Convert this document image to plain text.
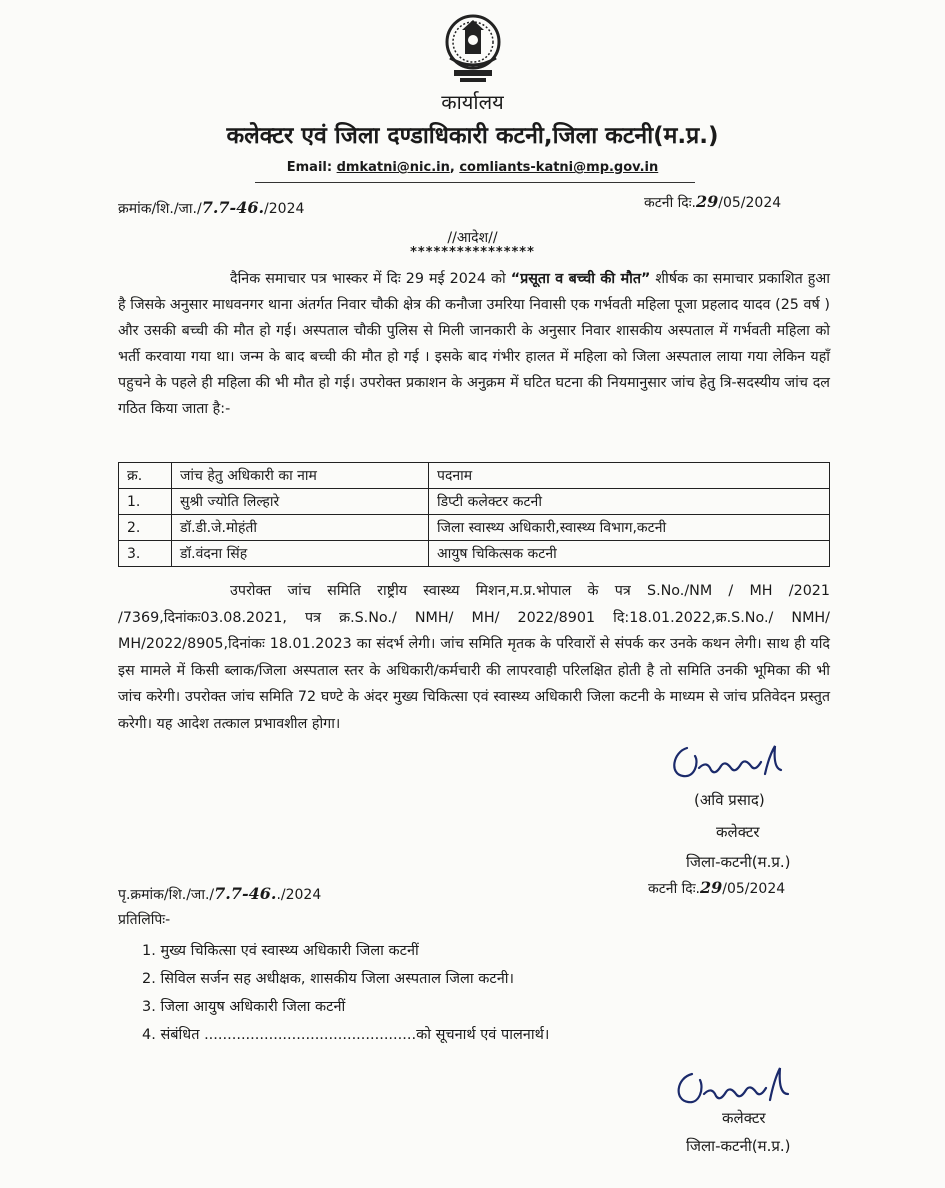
कार्यालय
कलेक्टर एवं जिला दण्डाधिकारी कटनी,जिला कटनी(म.प्र.)
Email: dmkatni@nic.in, comliants-katni@mp.gov.in
क्रमांक/शि./जा./7.7-46./2024	कटनी दिः.29/05/2024
//आदेश//
****************
दैनिक समाचार पत्र भास्कर में दिः 29 मई 2024 को “प्रसूता व बच्ची की मौत” शीर्षक का समाचार प्रकाशित हुआ है जिसके अनुसार माधवनगर थाना अंतर्गत निवार चौकी क्षेत्र की कनौजा उमरिया निवासी एक गर्भवती महिला पूजा प्रहलाद यादव (25 वर्ष ) और उसकी बच्ची की मौत हो गई। अस्पताल चौकी पुलिस से मिली जानकारी के अनुसार निवार शासकीय अस्पताल में गर्भवती महिला को भर्ती करवाया गया था। जन्म के बाद बच्ची की मौत हो गई । इसके बाद गंभीर हालत में महिला को जिला अस्पताल लाया गया लेकिन यहाँ पहुचने के पहले ही महिला की भी मौत हो गई। उपरोक्त प्रकाशन के अनुक्रम में घटित घटना की नियमानुसार जांच हेतु त्रि-सदस्यीय जांच दल गठित किया जाता है:-
क्र.	जांच हेतु अधिकारी का नाम	पदनाम
1.	सुश्री ज्योति लिल्हारे	डिप्टी कलेक्टर कटनी
2.	डॉ.डी.जे.मोहंती	जिला स्वास्थ्य अधिकारी,स्वास्थ्य विभाग,कटनी
3.	डॉ.वंदना सिंह	आयुष चिकित्सक कटनी
उपरोक्त जांच समिति राष्ट्रीय स्वास्थ्य मिशन,म.प्र.भोपाल के पत्र S.No./NM / MH /2021 /7369,दिनांकः03.08.2021, पत्र क्र.S.No./ NMH/ MH/ 2022/8901 दि:18.01.2022,क्र.S.No./ NMH/ MH/2022/8905,दिनांकः 18.01.2023 का संदर्भ लेगी। जांच समिति मृतक के परिवारों से संपर्क कर उनके कथन लेगी। साथ ही यदि इस मामले में किसी ब्लाक/जिला अस्पताल स्तर के अधिकारी/कर्मचारी की लापरवाही परिलक्षित होती है तो समिति उनकी भूमिका की भी जांच करेगी। उपरोक्त जांच समिति 72 घण्टे के अंदर मुख्य चिकित्सा एवं स्वास्थ्य अधिकारी जिला कटनी के माध्यम से जांच प्रतिवेदन प्रस्तुत करेगी। यह आदेश तत्काल प्रभावशील होगा।
(अवि प्रसाद)
कलेक्टर
जिला-कटनी(म.प्र.)
पृ.क्रमांक/शि./जा./7.7-46../2024	कटनी दिः.29/05/2024
प्रतिलिपिः-
1. मुख्य चिकित्सा एवं स्वास्थ्य अधिकारी जिला कटनीं
2. सिविल सर्जन सह अधीक्षक, शासकीय जिला अस्पताल जिला कटनी।
3. जिला आयुष अधिकारी जिला कटनीं
4. संबंधित ..............................................को सूचनार्थ एवं पालनार्थ।
कलेक्टर
जिला-कटनी(म.प्र.)
